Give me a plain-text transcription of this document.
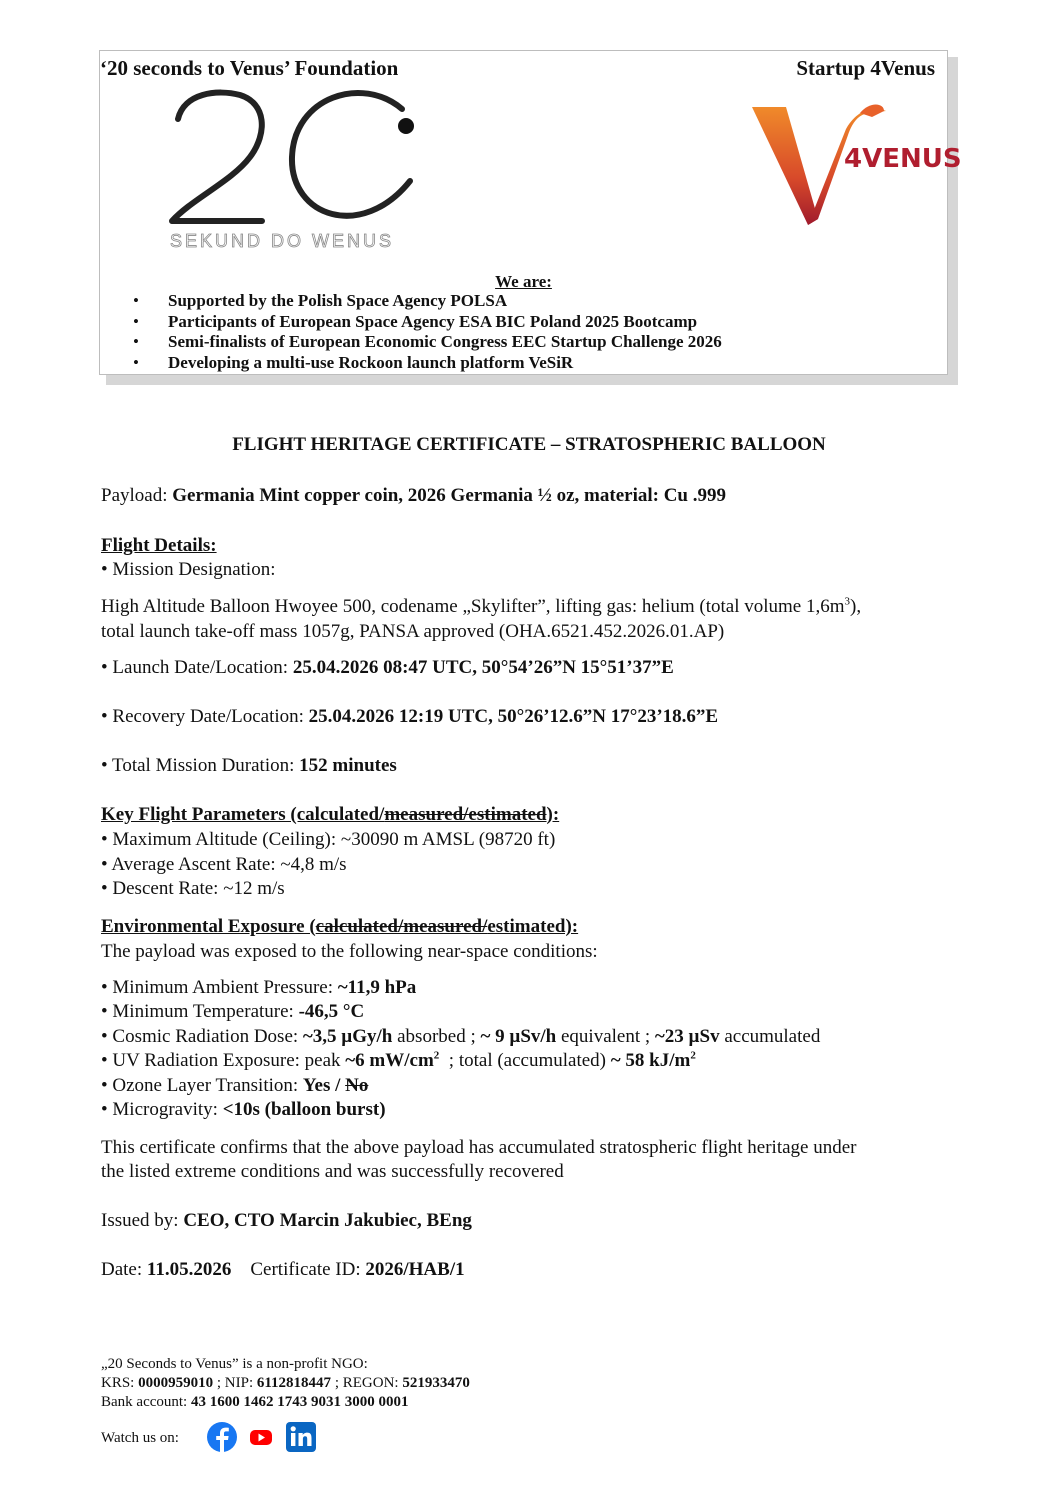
‘20 seconds to Venus’ Foundation	Startup 4Venus
SEKUND DO WENUS
4VENUS
We are:
• Supported by the Polish Space Agency POLSA
• Participants of European Space Agency ESA BIC Poland 2025 Bootcamp
• Semi-finalists of European Economic Congress EEC Startup Challenge 2026
• Developing a multi-use Rockoon launch platform VeSiR
FLIGHT HERITAGE CERTIFICATE – STRATOSPHERIC BALLOON
Payload: Germania Mint copper coin, 2026 Germania ½ oz, material: Cu .999
Flight Details:
• Mission Designation:
High Altitude Balloon Hwoyee 500, codename „Skylifter”, lifting gas: helium (total volume $1,6m^3$),
total launch take-off mass 1057g, PANSA approved (OHA.6521.452.2026.01.AP)
• Launch Date/Location: 25.04.2026 08:47 UTC, 50°54’26”N 15°51’37”E
• Recovery Date/Location: 25.04.2026 12:19 UTC, 50°26’12.6”N 17°23’18.6”E
• Total Mission Duration: 152 minutes
Key Flight Parameters (calculated/measured/estimated):
• Maximum Altitude (Ceiling): ~30090 m AMSL (98720 ft)
• Average Ascent Rate: ~4,8 m/s
• Descent Rate: ~12 m/s
Environmental Exposure (calculated/measured/estimated):
The payload was exposed to the following near-space conditions:
• Minimum Ambient Pressure: ~11,9 hPa
• Minimum Temperature: -46,5 °C
• Cosmic Radiation Dose: ~3,5 µGy/h absorbed ; ~ 9 µSv/h equivalent ; ~23 µSv accumulated
• UV Radiation Exposure: peak ~6 $mW/cm^2$ ; total (accumulated) ~ 58 $kJ/m^2$
• Ozone Layer Transition: Yes / No
• Microgravity: <10s (balloon burst)
This certificate confirms that the above payload has accumulated stratospheric flight heritage under
the listed extreme conditions and was successfully recovered
Issued by: CEO, CTO Marcin Jakubiec, BEng
Date: 11.05.2026 Certificate ID: 2026/HAB/1
„20 Seconds to Venus” is a non-profit NGO:
KRS: 0000959010 ; NIP: 6112818447 ; REGON: 521933470
Bank account: 43 1600 1462 1743 9031 3000 0001
Watch us on:
